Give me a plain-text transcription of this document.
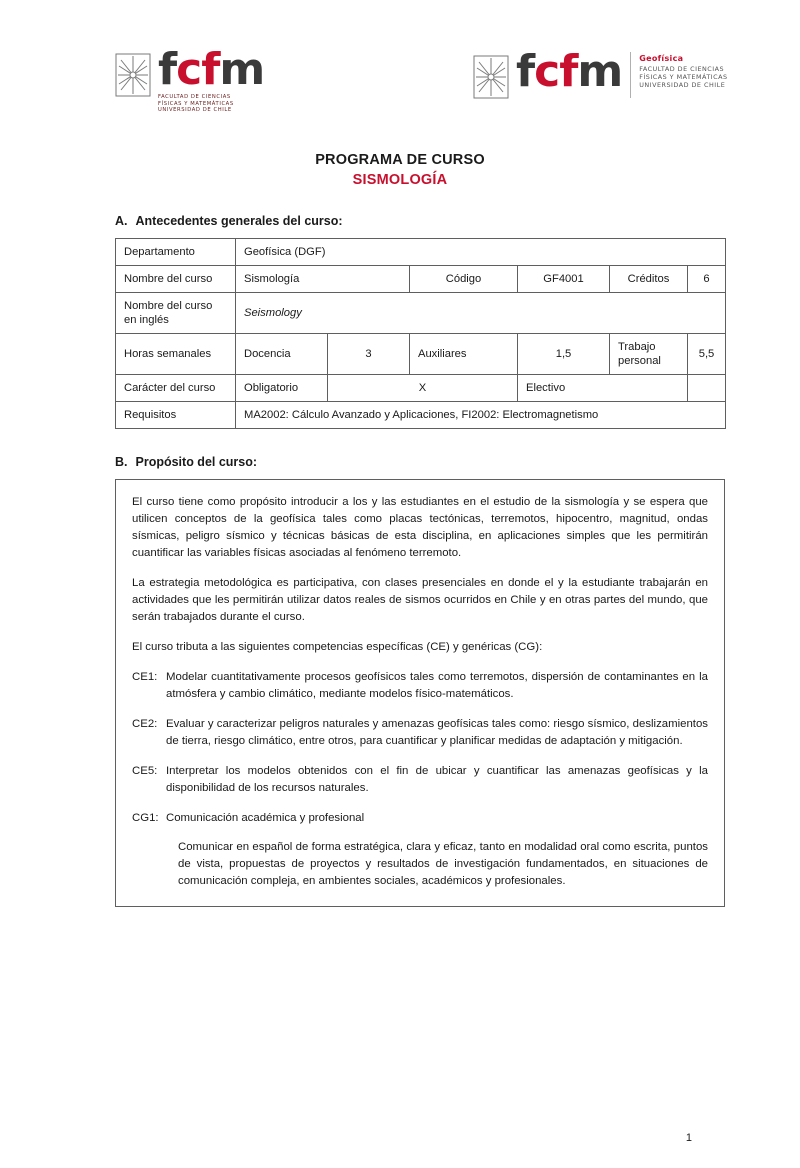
fcfm
FACULTAD DE CIENCIAS
FÍSICAS Y MATEMÁTICAS
UNIVERSIDAD DE CHILE
fcfm Geofísica
FACULTAD DE CIENCIAS
FÍSICAS Y MATEMÁTICAS
UNIVERSIDAD DE CHILE
PROGRAMA DE CURSO
SISMOLOGÍA
A. Antecedentes generales del curso:
Departamento	Geofísica (DGF)					
Nombre del curso	Sismología		Código	GF4001	Créditos	6
Nombre del curso en inglés	Seismology					
Horas semanales	Docencia	3	Auxiliares	1,5	Trabajo personal	5,5
Carácter del curso	Obligatorio	X		Electivo		
Requisitos	MA2002: Cálculo Avanzado y Aplicaciones, FI2002: Electromagnetismo					
B. Propósito del curso:

El curso tiene como propósito introducir a los y las estudiantes en el estudio de la sismología y se espera que utilicen conceptos de la geofísica tales como placas tectónicas, terremotos, hipocentro, magnitud, ondas sísmicas, peligro sísmico y técnicas básicas de esta disciplina, en aplicaciones simples que les permitirán cuantificar las variables físicas asociadas al fenómeno terremoto.

La estrategia metodológica es participativa, con clases presenciales en donde el y la estudiante trabajarán en actividades que les permitirán utilizar datos reales de sismos ocurridos en Chile y en otras partes del mundo, que serán trabajados durante el curso.

El curso tributa a las siguientes competencias específicas (CE) y genéricas (CG):

CE1: Modelar cuantitativamente procesos geofísicos tales como terremotos, dispersión de contaminantes en la atmósfera y cambio climático, mediante modelos físico-matemáticos.
CE2: Evaluar y caracterizar peligros naturales y amenazas geofísicas tales como: riesgo sísmico, deslizamientos de tierra, riesgo climático, entre otros, para cuantificar y planificar medidas de adaptación y mitigación.
CE5: Interpretar los modelos obtenidos con el fin de ubicar y cuantificar las amenazas geofísicas y la disponibilidad de los recursos naturales.
CG1: Comunicación académica y profesional
Comunicar en español de forma estratégica, clara y eficaz, tanto en modalidad oral como escrita, puntos de vista, propuestas de proyectos y resultados de investigación fundamentados, en situaciones de comunicación compleja, en ambientes sociales, académicos y profesionales.
1
